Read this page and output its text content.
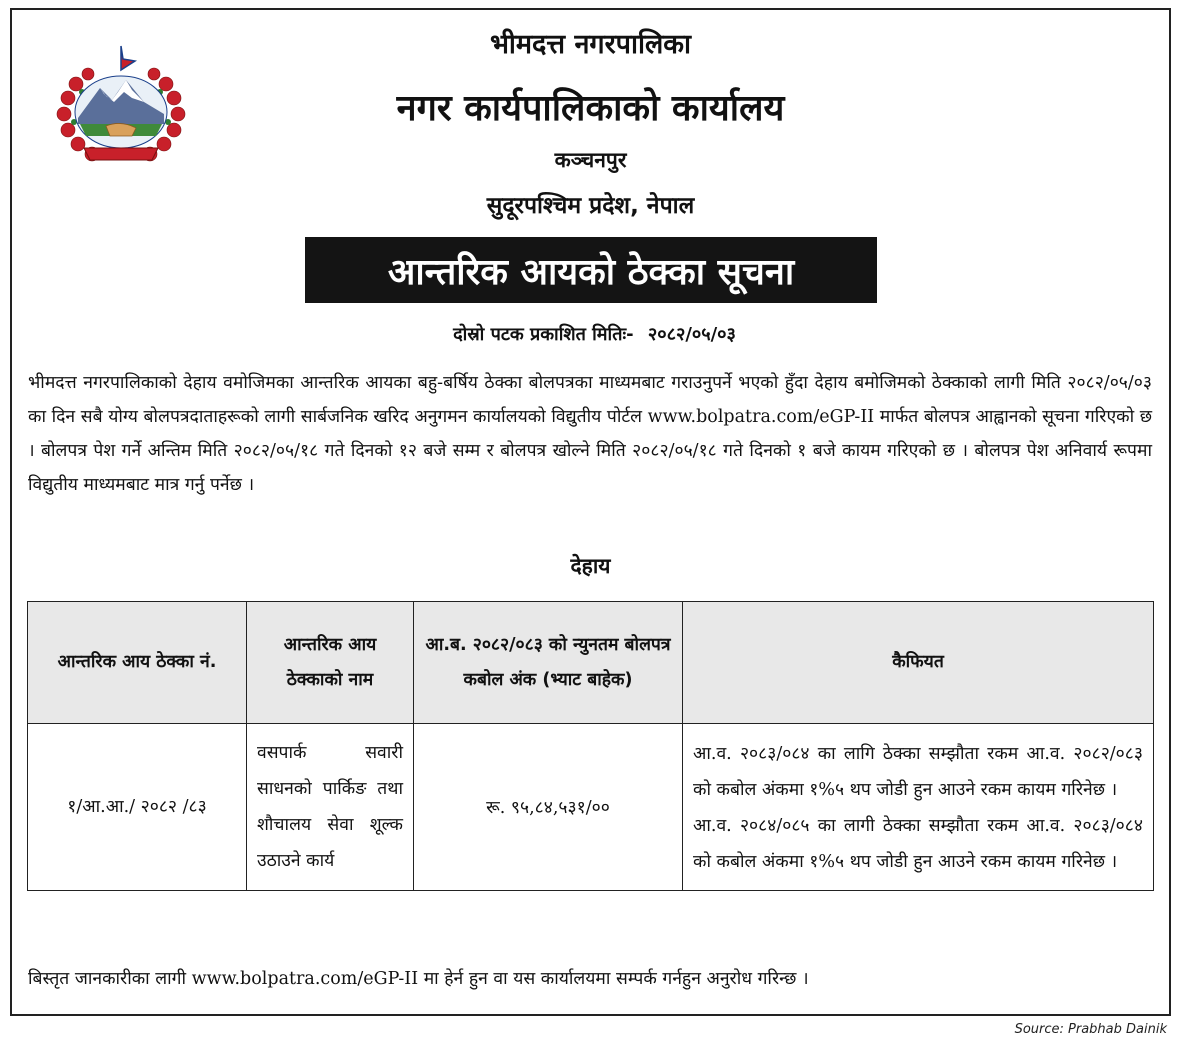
भीमदत्त नगरपालिका
नगर कार्यपालिकाको कार्यालय
कञ्चनपुर
सुदूरपश्चिम प्रदेश, नेपाल
आन्तरिक आयको ठेक्का सूचना
दोस्रो पटक प्रकाशित मितिः- २०८२/०५/०३
भीमदत्त नगरपालिकाको देहाय वमोजिमका आन्तरिक आयका बहु-बर्षिय ठेक्का बोलपत्रका माध्यमबाट गराउनुपर्ने भएको हुँदा देहाय बमोजिमको ठेक्काको लागी मिति २०८२/०५/०३ का दिन सबै योग्य बोलपत्रदाताहरूको लागी सार्बजनिक खरिद अनुगमन कार्यालयको विद्युतीय पोर्टल www.bolpatra.com/eGP-II मार्फत बोलपत्र आह्वानको सूचना गरिएको छ । बोलपत्र पेश गर्ने अन्तिम मिति २०८२/०५/१८ गते दिनको १२ बजे सम्म र बोलपत्र खोल्ने मिति २०८२/०५/१८ गते दिनको १ बजे कायम गरिएको छ । बोलपत्र पेश अनिवार्य रूपमा विद्युतीय माध्यमबाट मात्र गर्नु पर्नेछ ।
देहाय
आन्तरिक आय ठेक्का नं.	आन्तरिक आय ठेक्काको नाम	आ.ब. २०८२/०८३ को न्युनतम बोलपत्र कबोल अंक (भ्याट बाहेक)	कैफियत
१/आ.आ./ २०८२ /८३	वसपार्क सवारी साधनको पार्किङ तथा शौचालय सेवा शूल्क उठाउने कार्य	रू. ९५,८४,५३१/००	आ.व. २०८३/०८४ का लागि ठेक्का सम्झौता रकम आ.व. २०८२/०८३ को कबोल अंकमा १%५ थप जोडी हुन आउने रकम कायम गरिनेछ ।

आ.व. २०८४/०८५ का लागी ठेक्का सम्झौता रकम आ.व. २०८३/०८४ को कबोल अंकमा १%५ थप जोडी हुन आउने रकम कायम गरिनेछ ।

बिस्तृत जानकारीका लागी www.bolpatra.com/eGP-II मा हेर्न हुन वा यस कार्यालयमा सम्पर्क गर्नहुन अनुरोध गरिन्छ ।
Source: Prabhab Dainik
